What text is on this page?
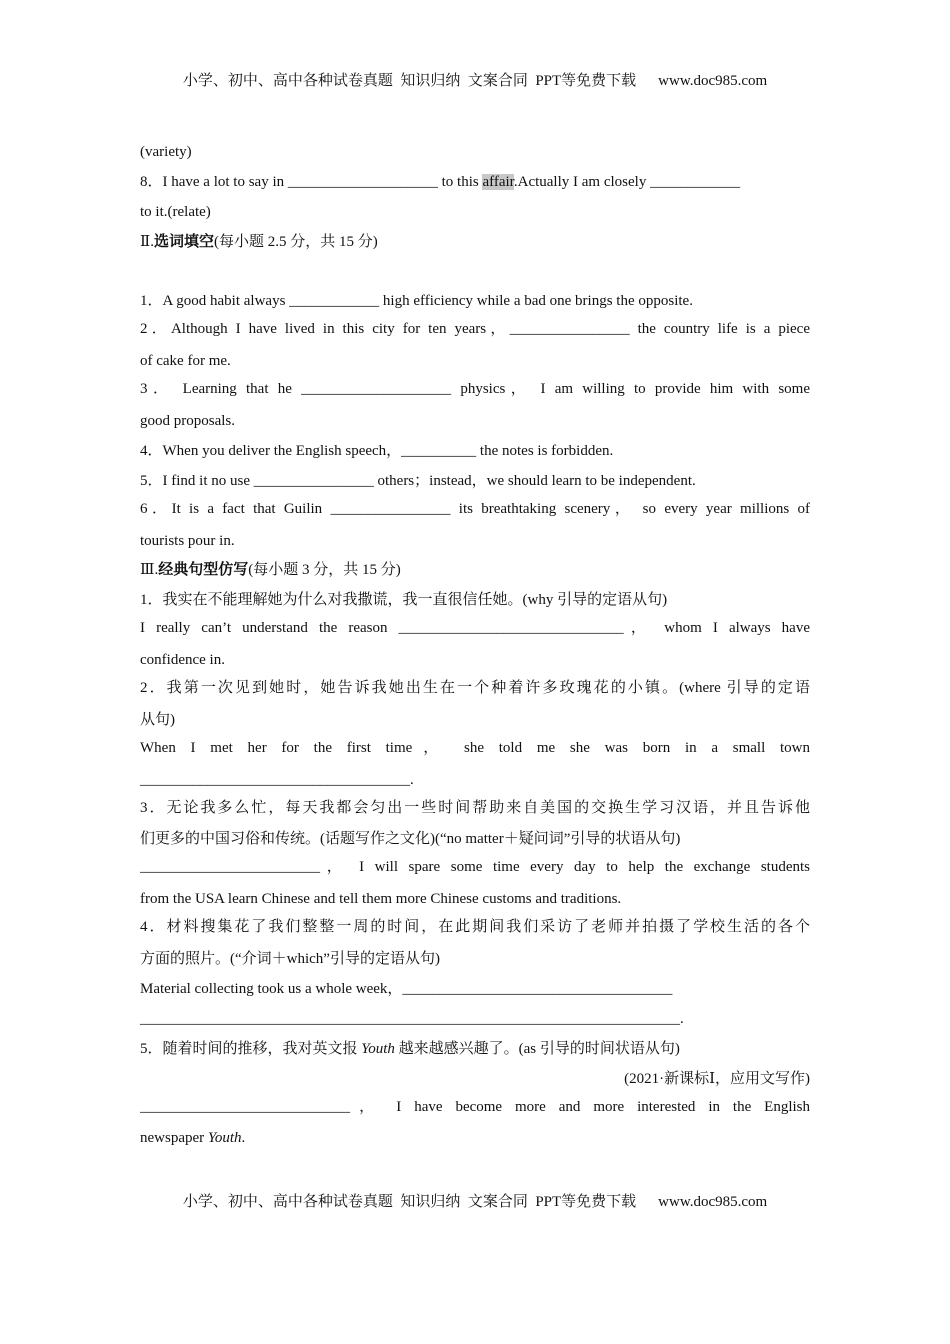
小学、初中、高中各种试卷真题  知识归纳  文案合同  PPT等免费下载 www.doc985.com
(variety)
8．I have a lot to say in ____________________ to this affair.Actually I am closely ____________
to it.(relate)
Ⅱ.选词填空(每小题 2.5 分，共 15 分)
1．A good habit always ____________ high efficiency while a bad one brings the opposite.
2．Although I have lived in this city for ten years，________________ the country life is a piece
of cake for me.
3． Learning that he ____________________ physics， I am willing to provide him with some
good proposals.
4．When you deliver the English speech，__________ the notes is forbidden.
5．I find it no use ________________ others；instead，we should learn to be independent.
6．It is a fact that Guilin ________________ its breathtaking scenery， so every year millions of
tourists pour in.
Ⅲ.经典句型仿写(每小题 3 分，共 15 分)
1．我实在不能理解她为什么对我撒谎，我一直很信任她。(why 引导的定语从句)
I really can’t understand the reason ______________________________， whom I always have
confidence in.
2．我第一次见到她时，她告诉我她出生在一个种着许多玫瑰花的小镇。(where 引导的定语
从句)
When I met her for the first time， she told me she was born in a small town
____________________________________.
3．无论我多么忙，每天我都会匀出一些时间帮助来自美国的交换生学习汉语，并且告诉他
们更多的中国习俗和传统。(话题写作之文化)(“no matter＋疑问词”引导的状语从句)
________________________， I will spare some time every day to help the exchange students
from the USA learn Chinese and tell them more Chinese customs and traditions.
4．材料搜集花了我们整整一周的时间，在此期间我们采访了老师并拍摄了学校生活的各个
方面的照片。(“介词＋which”引导的定语从句)
Material collecting took us a whole week，____________________________________
________________________________________________________________________.
5．随着时间的推移，我对英文报 Youth 越来越感兴趣了。(as 引导的时间状语从句)
(2021·新课标Ⅰ，应用文写作)
____________________________， I have become more and more interested in the English
newspaper Youth.
小学、初中、高中各种试卷真题  知识归纳  文案合同  PPT等免费下载 www.doc985.com
